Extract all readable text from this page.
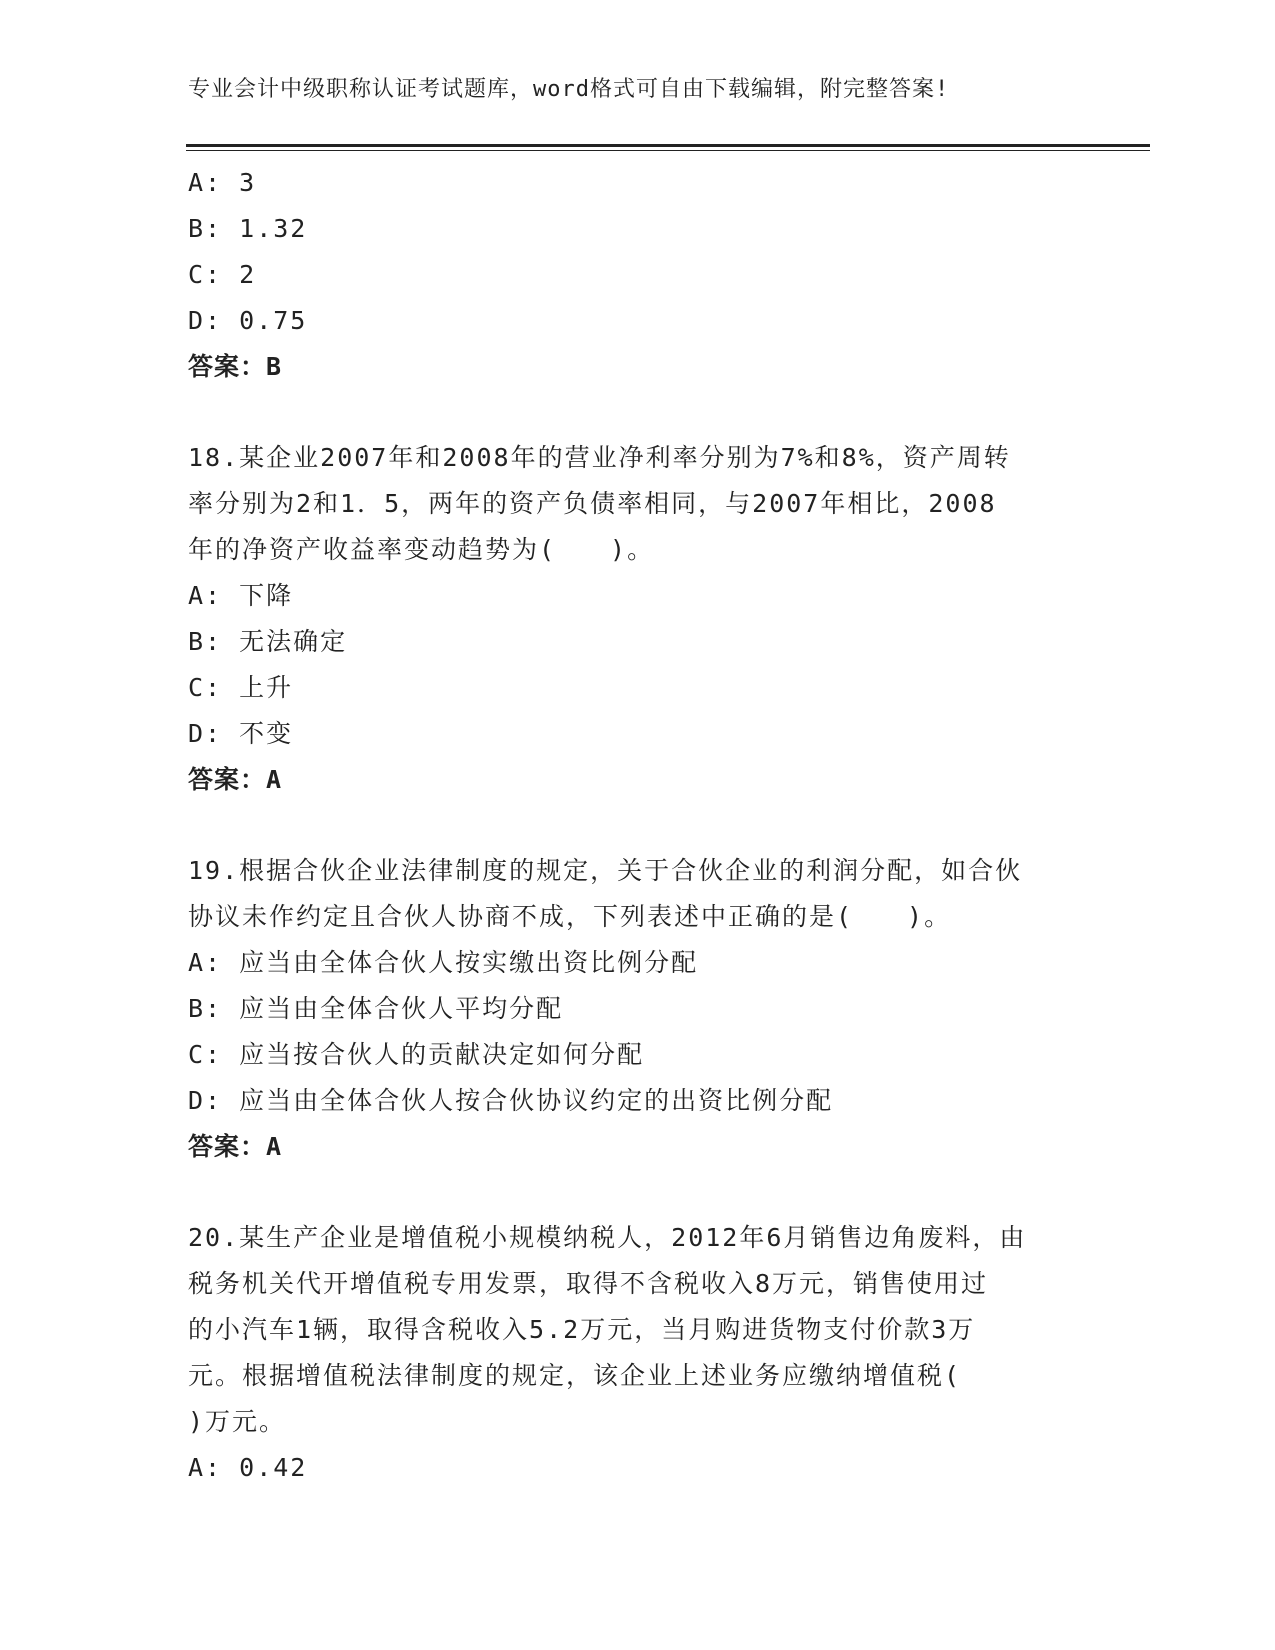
专业会计中级职称认证考试题库，word格式可自由下载编辑，附完整答案!
A: 3
B: 1.32
C: 2
D: 0.75
答案：B
18.某企业2007年和2008年的营业净利率分别为7%和8%，资产周转
率分别为2和1．5，两年的资产负债率相同，与2007年相比，2008
年的净资产收益率变动趋势为(　　)。
A: 下降
B: 无法确定
C: 上升
D: 不变
答案：A
19.根据合伙企业法律制度的规定，关于合伙企业的利润分配，如合伙
协议未作约定且合伙人协商不成，下列表述中正确的是(　　)。
A: 应当由全体合伙人按实缴出资比例分配
B: 应当由全体合伙人平均分配
C: 应当按合伙人的贡献决定如何分配
D: 应当由全体合伙人按合伙协议约定的出资比例分配
答案：A
20.某生产企业是增值税小规模纳税人，2012年6月销售边角废料，由
税务机关代开增值税专用发票，取得不含税收入8万元，销售使用过
的小汽车1辆，取得含税收入5.2万元，当月购进货物支付价款3万
元。根据增值税法律制度的规定，该企业上述业务应缴纳增值税(
)万元。
A: 0.42
